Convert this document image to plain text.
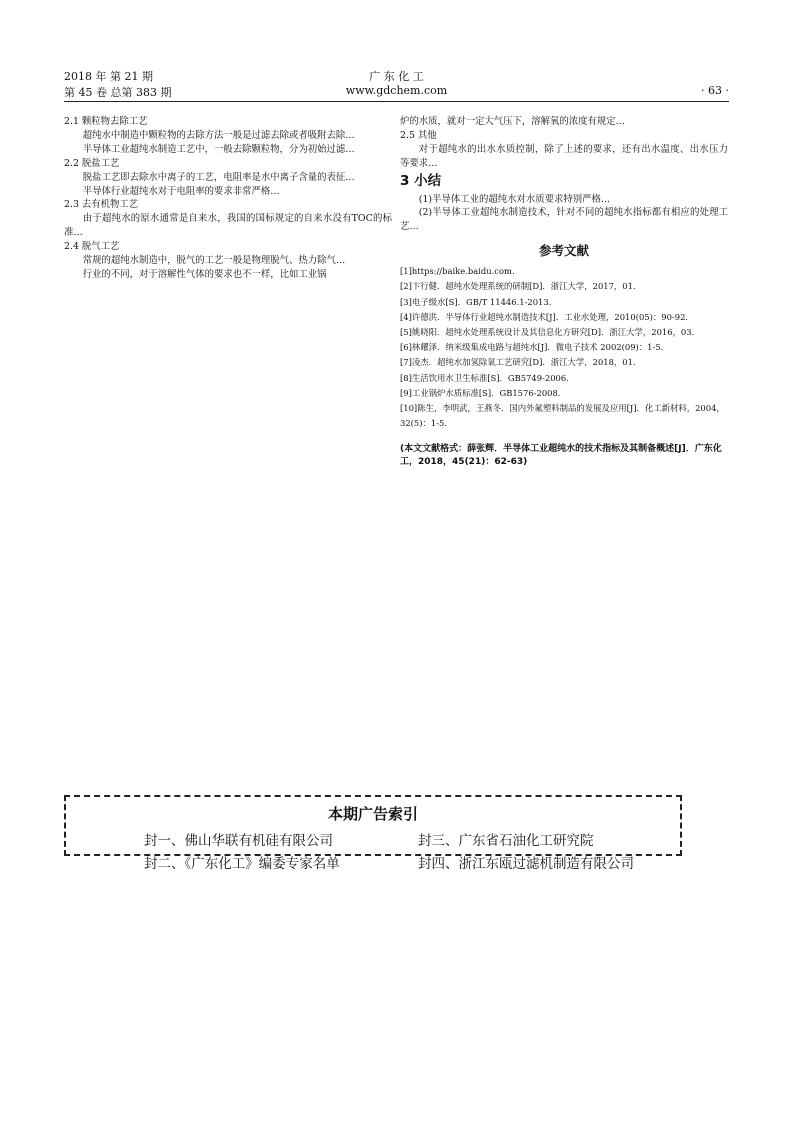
2018 年 第 21 期	广 东 化 工
第 45 卷 总第 383 期	www.gdchem.com	· 63 ·
2.1 颗粒物去除工艺

超纯水中制造中颗粒物的去除方法一般是过滤去除或者吸附去除…

半导体工业超纯水制造工艺中，一般去除颗粒物，分为初始过滤…

2.2 脱盐工艺

脱盐工艺即去除水中离子的工艺，电阻率是水中离子含量的表征…

半导体行业超纯水对于电阻率的要求非常严格…

2.3 去有机物工艺

由于超纯水的原水通常是自来水，我国的国标规定的自来水没有TOC的标准…

2.4 脱气工艺

常规的超纯水制造中，脱气的工艺一般是物理脱气、热力除气…

行业的不同，对于溶解性气体的要求也不一样，比如工业锅

炉的水质，就对一定大气压下，溶解氧的浓度有规定…

2.5 其他

对于超纯水的出水水质控制，除了上述的要求，还有出水温度、出水压力等要求…

3 小结

(1)半导体工业的超纯水对水质要求特别严格…

(2)半导体工业超纯水制造技术，针对不同的超纯水指标都有相应的处理工艺…

参考文献
[1]https://baike.baidu.com.
[2]卞行健．超纯水处理系统的研制[D]．浙江大学，2017，01．
[3]电子级水[S]．GB/T 11446.1-2013．
[4]许德洪．半导体行业超纯水制造技术[J]．工业水处理，2010(05)：90-92．
[5]姚晓阳．超纯水处理系统设计及其信息化方研究[D]．浙江大学，2016，03．
[6]林耀泽．纳米级集成电路与超纯水[J]．微电子技术 2002(09)：1-5．
[7]凌杰．超纯水加氢除氧工艺研究[D]．浙江大学，2018，01．
[8]生活饮用水卫生标准[S]．GB5749-2006．
[9]工业锅炉水质标准[S]．GB1576-2008．
[10]陈生，李明武，王燕冬．国内外氟塑料制品的发展及应用[J]．化工新材料，2004，32(5)：1-5．
(本文文献格式：薛张辉．半导体工业超纯水的技术指标及其制备概述[J]．广东化工，2018，45(21)：62-63)
本期广告索引
封一、佛山华联有机硅有限公司	封三、广东省石油化工研究院
封二、《广东化工》编委专家名单	封四、浙江东瓯过滤机制造有限公司
